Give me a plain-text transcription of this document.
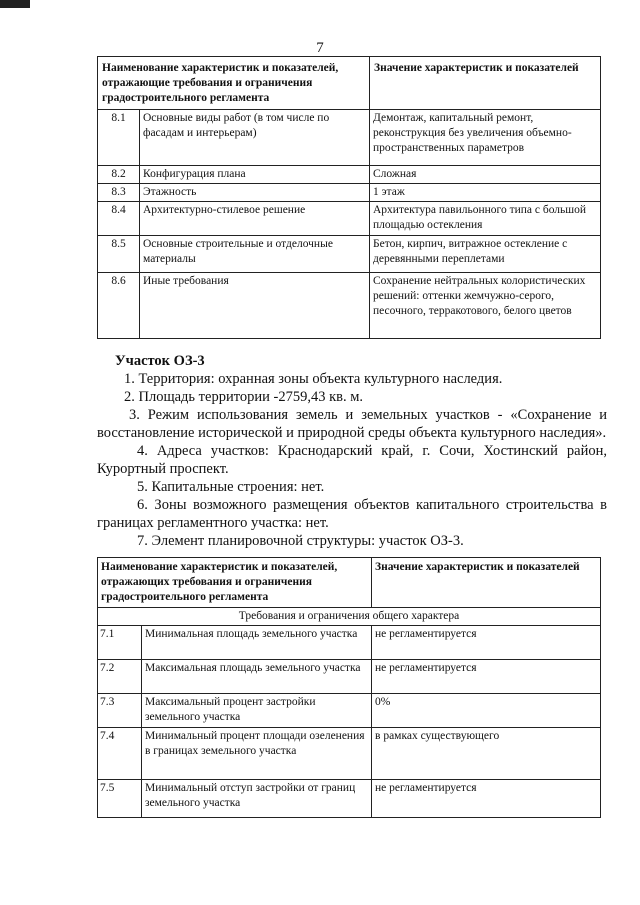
7
Наименование характеристик и показателей, отражающие требования и ограничения градостроительного регламента		Значение характеристик и показателей
8.1	Основные виды работ (в том числе по фасадам и интерьерам)	Демонтаж, капитальный ремонт, реконструкция без увеличения объемно-пространственных параметров
8.2	Конфигурация плана	Сложная
8.3	Этажность	1 этаж
8.4	Архитектурно-стилевое решение	Архитектура павильонного типа с большой площадью остекления
8.5	Основные строительные и отделочные материалы	Бетон, кирпич, витражное остекление с деревянными переплетами
8.6	Иные требования	Сохранение нейтральных колористических решений: оттенки жемчужно-серого, песочного, терракотового, белого цветов

Участок ОЗ-3

1. Территория: охранная зоны объекта культурного наследия.

2. Площадь территории -2759,43 кв. м.

3. Режим использования земель и земельных участков - «Сохранение и восстановление исторической и природной среды объекта культурного наследия».

4. Адреса участков: Краснодарский край, г. Сочи, Хостинский район, Курортный проспект.

5. Капитальные строения: нет.

6. Зоны возможного размещения объектов капитального строительства в границах регламентного участка: нет.

7. Элемент планировочной структуры: участок ОЗ-3.

Наименование характеристик и показателей, отражающих требования и ограничения градостроительного регламента		Значение характеристик и показателей
Требования и ограничения общего характера		
7.1	Минимальная площадь земельного участка	не регламентируется
7.2	Максимальная площадь земельного участка	не регламентируется
7.3	Максимальный процент застройки земельного участка	0%
7.4	Минимальный процент площади озеленения в границах земельного участка	в рамках существующего
7.5	Минимальный отступ застройки от границ земельного участка	не регламентируется
